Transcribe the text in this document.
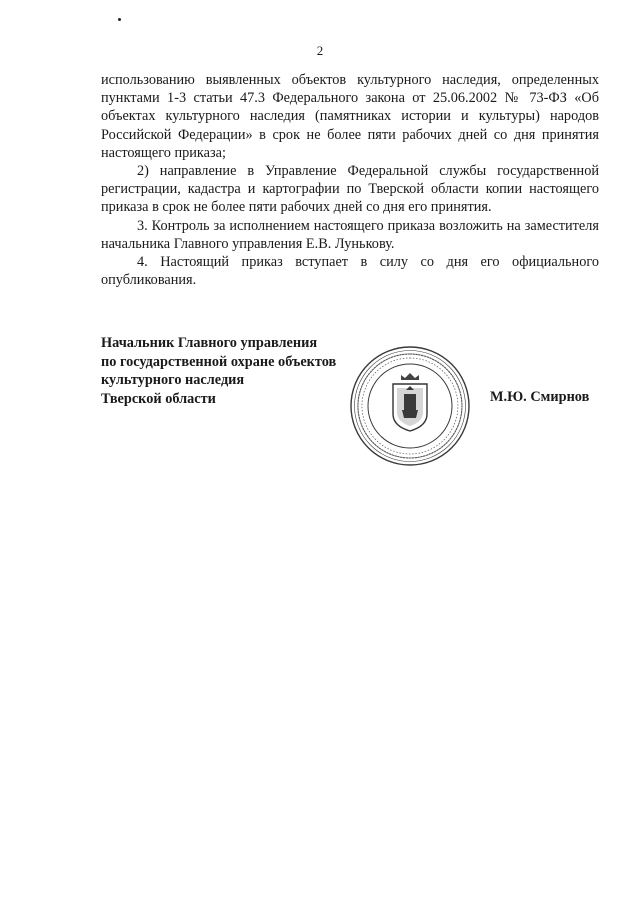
2

использованию выявленных объектов культурного наследия, определенных пунктами 1-3 статьи 47.3 Федерального закона от 25.06.2002 № 73-ФЗ «Об объектах культурного наследия (памятниках истории и культуры) народов Российской Федерации» в срок не более пяти рабочих дней со дня принятия настоящего приказа;

2) направление в Управление Федеральной службы государственной регистрации, кадастра и картографии по Тверской области копии настоящего приказа в срок не более пяти рабочих дней со дня его принятия.

3. Контроль за исполнением настоящего приказа возложить на заместителя начальника Главного управления Е.В. Лунькову.

4. Настоящий приказ вступает в силу со дня его официального опубликования.

Начальник Главного управления
по государственной охране объектов
культурного наследия
Тверской области	М.Ю. Смирнов
